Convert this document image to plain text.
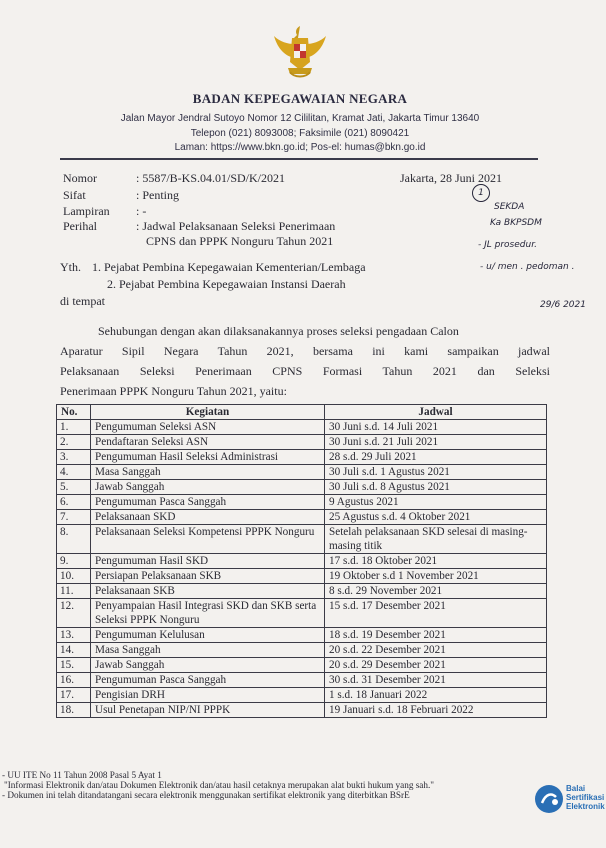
BADAN KEPEGAWAIAN NEGARA
Jalan Mayor Jendral Sutoyo Nomor 12 Cililitan, Kramat Jati, Jakarta Timur 13640
Telepon (021) 8093008; Faksimile (021) 8090421
Laman: https://www.bkn.go.id; Pos-el: humas@bkn.go.id
Nomor	: 5587/B-KS.04.01/SD/K/2021	Jakarta, 28 Juni 2021
Sifat	: Penting
Lampiran : -
Perihal	: Jadwal Pelaksanaan Seleksi Penerimaan
CPNS dan PPPK Nonguru Tahun 2021
Yth. 1. Pejabat Pembina Kepegawaian Kementerian/Lembaga
2. Pejabat Pembina Kepegawaian Instansi Daerah
di tempat
Sehubungan dengan akan dilaksanakannya proses seleksi pengadaan Calon
Aparatur Sipil Negara Tahun 2021, bersama ini kami sampaikan jadwal
Pelaksanaan Seleksi Penerimaan CPNS Formasi Tahun 2021 dan Seleksi
Penerimaan PPPK Nonguru Tahun 2021, yaitu:
No.	Kegiatan	Jadwal
1.	Pengumuman Seleksi ASN	30 Juni s.d. 14 Juli 2021
2.	Pendaftaran Seleksi ASN	30 Juni s.d. 21 Juli 2021
3.	Pengumuman Hasil Seleksi Administrasi	28 s.d. 29 Juli 2021
4.	Masa Sanggah	30 Juli s.d. 1 Agustus 2021
5.	Jawab Sanggah	30 Juli s.d. 8 Agustus 2021
6.	Pengumuman Pasca Sanggah	9 Agustus 2021
7.	Pelaksanaan SKD	25 Agustus s.d. 4 Oktober 2021
8.	Pelaksanaan Seleksi Kompetensi PPPK Nonguru	Setelah pelaksanaan SKD selesai di masing-masing titik
9.	Pengumuman Hasil SKD	17 s.d. 18 Oktober 2021
10.	Persiapan Pelaksanaan SKB	19 Oktober s.d 1 November 2021
11.	Pelaksanaan SKB	8 s.d. 29 November 2021
12.	Penyampaian Hasil Integrasi SKD dan SKB serta Seleksi PPPK Nonguru	15 s.d. 17 Desember 2021
13.	Pengumuman Kelulusan	18 s.d. 19 Desember 2021
14.	Masa Sanggah	20 s.d. 22 Desember 2021
15.	Jawab Sanggah	20 s.d. 29 Desember 2021
16.	Pengumuman Pasca Sanggah	30 s.d. 31 Desember 2021
17.	Pengisian DRH	1 s.d. 18 Januari 2022
18.	Usul Penetapan NIP/NI PPPK	19 Januari s.d. 18 Februari 2022
1
SEKDA
Ka BKPSDM
- JL prosedur.
- u/ men . pedoman .
29/6 2021
- UU ITE No 11 Tahun 2008 Pasal 5 Ayat 1
"Informasi Elektronik dan/atau Dokumen Elektronik dan/atau hasil cetaknya merupakan alat bukti hukum yang sah."
- Dokumen ini telah ditandatangani secara elektronik menggunakan sertifikat elektronik yang diterbitkan BSrE
Balai Sertifikasi Elektronik
